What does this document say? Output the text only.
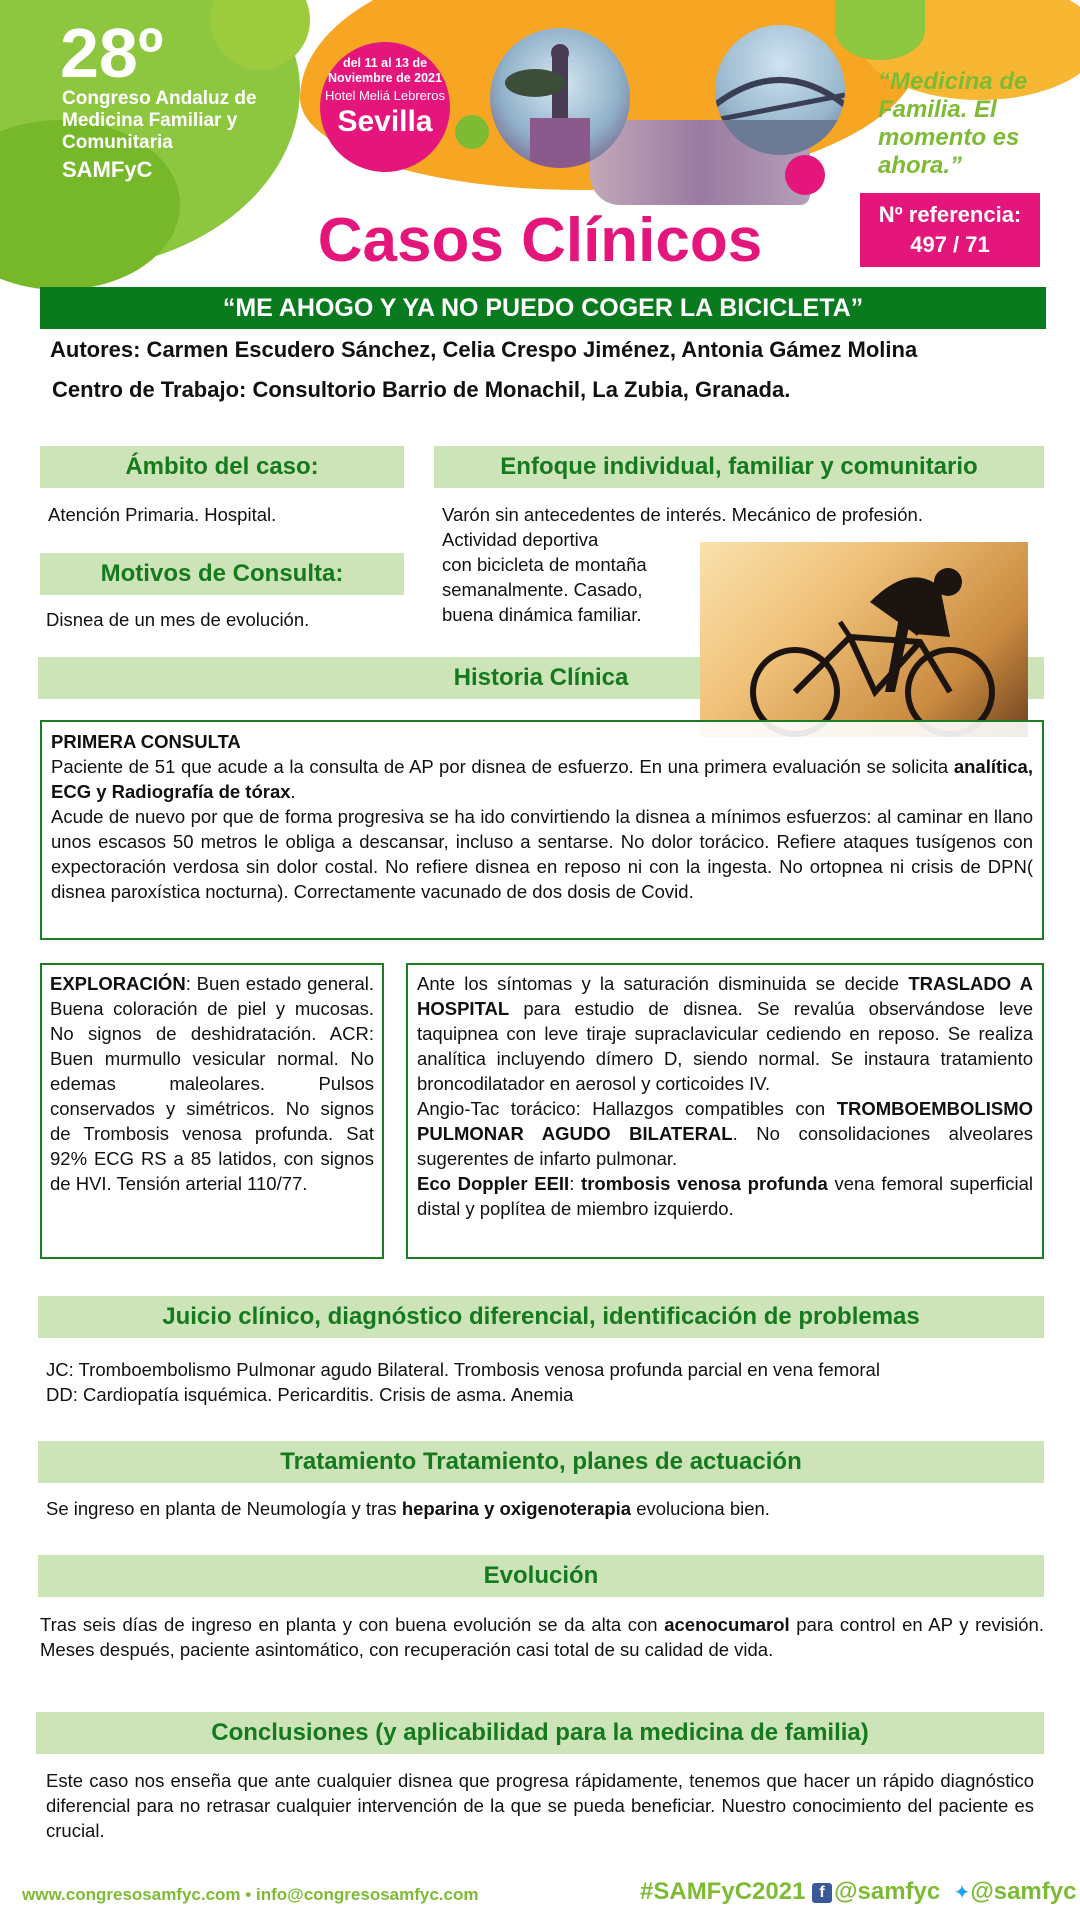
28º
Congreso Andaluz de Medicina Familiar y Comunitaria
SAMFyC
del 11 al 13 de Noviembre de 2021
Hotel Meliá Lebreros
Sevilla
“Medicina de Familia. El momento es ahora.”
Nº referencia:
497 / 71
Casos Clínicos
“ME AHOGO Y YA NO PUEDO COGER LA BICICLETA”
Autores: Carmen Escudero Sánchez, Celia Crespo Jiménez, Antonia Gámez Molina
Centro de Trabajo: Consultorio Barrio de Monachil, La Zubia, Granada.
Ámbito del caso:
Atención Primaria. Hospital.
Motivos de Consulta:
Disnea de un mes de evolución.
Enfoque individual, familiar y comunitario
Varón sin antecedentes de interés. Mecánico de profesión.
Actividad deportiva
con bicicleta de montaña
semanalmente. Casado,
buena dinámica familiar.
Historia Clínica
PRIMERA CONSULTA
Paciente de 51 que acude a la consulta de AP por disnea de esfuerzo. En una primera evaluación se solicita analítica, ECG y Radiografía de tórax.
Acude de nuevo por que de forma progresiva se ha ido convirtiendo la disnea a mínimos esfuerzos: al caminar en llano unos escasos 50 metros le obliga a descansar, incluso a sentarse. No dolor torácico. Refiere ataques tusígenos con expectoración verdosa sin dolor costal. No refiere disnea en reposo ni con la ingesta. No ortopnea ni crisis de DPN( disnea paroxística nocturna). Correctamente vacunado de dos dosis de Covid.
EXPLORACIÓN: Buen estado general. Buena coloración de piel y mucosas. No signos de deshidratación. ACR: Buen murmullo vesicular normal. No edemas maleolares. Pulsos conservados y simétricos. No signos de Trombosis venosa profunda. Sat 92% ECG RS a 85 latidos, con signos de HVI. Tensión arterial 110/77.
Ante los síntomas y la saturación disminuida se decide TRASLADO A HOSPITAL para estudio de disnea. Se revalúa observándose leve taquipnea con leve tiraje supraclavicular cediendo en reposo. Se realiza analítica incluyendo dímero D, siendo normal. Se instaura tratamiento broncodilatador en aerosol y corticoides IV.
Angio-Tac torácico: Hallazgos compatibles con TROMBOEMBOLISMO PULMONAR AGUDO BILATERAL. No consolidaciones alveolares sugerentes de infarto pulmonar.
Eco Doppler EEII: trombosis venosa profunda vena femoral superficial distal y poplítea de miembro izquierdo.
Juicio clínico, diagnóstico diferencial, identificación de problemas
JC: Tromboembolismo Pulmonar agudo Bilateral. Trombosis venosa profunda parcial en vena femoral
DD: Cardiopatía isquémica. Pericarditis. Crisis de asma. Anemia
Tratamiento Tratamiento, planes de actuación
Se ingreso en planta de Neumología y tras heparina y oxigenoterapia evoluciona bien.
Evolución
Tras seis días de ingreso en planta y con buena evolución se da alta con acenocumarol para control en AP y revisión. Meses después, paciente asintomático, con recuperación casi total de su calidad de vida.
Conclusiones (y aplicabilidad para la medicina de familia)
Este caso nos enseña que ante cualquier disnea que progresa rápidamente, tenemos que hacer un rápido diagnóstico diferencial para no retrasar cualquier intervención de la que se pueda beneficiar. Nuestro conocimiento del paciente es crucial.
www.congresosamfyc.com • info@congresosamfyc.com	#SAMFyC2021 f @samfyc ✦@samfyc
